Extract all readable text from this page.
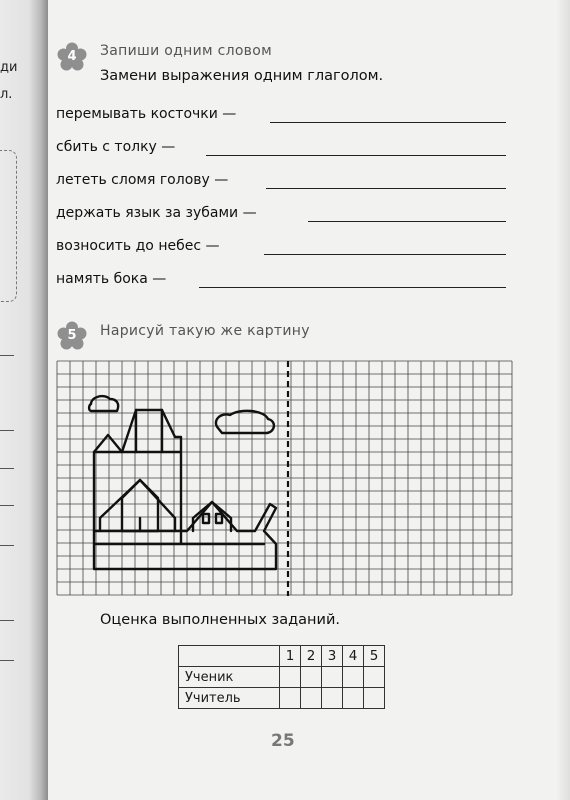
ди
л.
4	Запиши одним словом
Замени выражения одним глаголом.
перемывать косточки —
сбить с толку —
лететь сломя голову —
держать язык за зубами —
возносить до небес —
намять бока —
5	Нарисуй такую же картину
Оценка выполненных заданий.
	1	2	3	4	5
Ученик					
Учитель					
25
